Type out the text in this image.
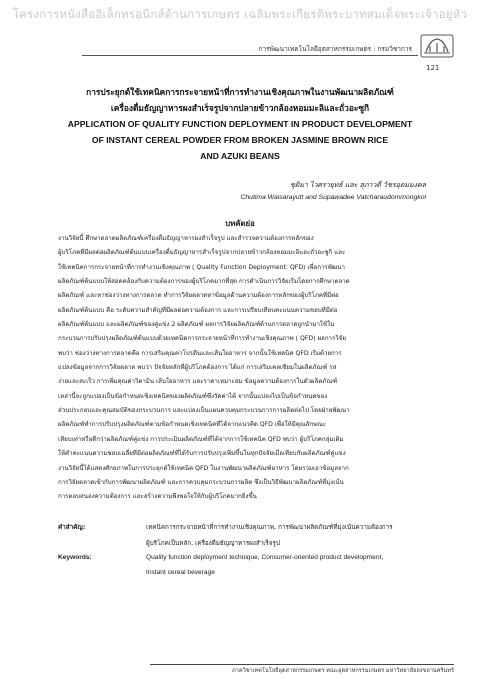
โครงการหนังสืออิเล็กทรอนิกส์ด้านการเกษตร เฉลิมพระเกียรติพระบาทสมเด็จพระเจ้าอยู่หัว
การพัฒนาเทคโนโลยีอุตสาหกรรมเกษตร : กรมวิชาการ
121
การประยุกต์ใช้เทคนิคการกระจายหน้าที่การทำงานเชิงคุณภาพในงานพัฒนาผลิตภัณฑ์
เครื่องดื่มธัญญาหารผงสำเร็จรูปจากปลายข้าวกล้องหอมมะลิและถั่วอะซูกิ
APPLICATION OF QUALITY FUNCTION DEPLOYMENT IN PRODUCT DEVELOPMENT
OF INSTANT CEREAL POWDER FROM BROKEN JASMINE BROWN RICE
AND AZUKI BEANS
ชุติมา ไวศรายุทธ์ และ สุภาวดี วัชรอุดมมงคล
Chutima Waisarayutt and Supawadee Vatcharaudommongkol
บทคัดย่อ
งานวิจัยนี้ ศึกษาตลาดผลิตภัณฑ์เครื่องดื่มธัญญาหารผงสำเร็จรูป และสำรวจความต้องการหลักของ
ผู้บริโภคที่มีผลต่อผลิตภัณฑ์ต้นแบบเครื่องดื่มธัญญาหารสำเร็จรูปจากปลายข้าวกล้องหอมมะลิและถั่วอะซูกิ และ
ใช้เทคนิคการกระจายหน้าที่การทำงานเชิงคุณภาพ ( Quality Function Deployment: QFD) เพื่อการพัฒนา
ผลิตภัณฑ์ต้นแบบให้สอดคล้องกับความต้องการของผู้บริโภคมากที่สุด การดำเนินการวิจัยเริ่มโดยการศึกษาตลาด
ผลิตภัณฑ์ และหาช่องว่างทางการตลาด ทำการวิจัยตลาดหาข้อมูลด้านความต้องการหลักของผู้บริโภคที่มีต่อ
ผลิตภัณฑ์ต้นแบบ คือ ระดับความสำคัญที่มีผลต่อความต้องการ และการเปรียบเทียบคะแนนความชอบที่มีต่อ
ผลิตภัณฑ์ต้นแบบ และผลิตภัณฑ์ของคู่แข่ง 2 ผลิตภัณฑ์ ผลการวิจัยผลิตภัณฑ์ด้านการตลาดถูกนำมาใช้ใน
กระบวนการปรับปรุงผลิตภัณฑ์ต้นแบบด้วยเทคนิคการกระจายหน้าที่การทำงานเชิงคุณภาพ ( QFD) ผลการวิจัย
พบว่า ช่องว่างทางการตลาดคือ การเสริมคุณค่าโปรตีนและเส้นใยอาหาร จากนั้นใช้เทคนิค QFD เริ่มด้วยการ
แปลงข้อมูลจากการวิจัยตลาด พบว่า ปัจจัยหลักที่ผู้บริโภคต้องการ ได้แก่ การเสริมเคลเซียมในผลิตภัณฑ์ รส
ง่ายและสะเร็ว การเพิ่มคุณค่าวิตามิน เส้นใยอาหาร และราคาเหมาะสม ข้อมูลความต้องการในตัวผลิตภัณฑ์
เหล่านี้จะถูกแปลงเป็นข้อกำหนดเชิงเทคนิคของผลิตภัณฑ์ซึ่งวัดค่าได้ จากนั้นแปลงไปเป็นข้อกำหนดของ
ส่วนประกอบและคุณสมบัติของกระบวนการ และแปลงเป็นแผนควบคุมกระบวนการการผลิตต่อไป โดยฝ่ายพัฒนา
ผลิตภัณฑ์ทำการปรับปรุงผลิตภัณฑ์ตามข้อกำหนดเชิงเทคนิคที่ได้จากแนวคิด QFD เพื่อให้มีคุณลักษณะ
เทียบเท่าหรือดีกว่าผลิตภัณฑ์คู่แข่ง การประเมินผลิตภัณฑ์ที่ได้จากการใช้เทคนิค QFD พบว่า ผู้บริโภคกลุ่มเดิม
ให้คำคะแนนความชอบเฉลี่ยที่มีต่อผลิตภัณฑ์ที่ได้รับการปรับปรุงเพิ่มขึ้นในทุกปัจจัยเมื่อเทียบกับผลิตภัณฑ์คู่แข่ง
งานวิจัยนี้ได้แสดงศักยภาพในการประยุกต์ใช้เทคนิค QFD ในงานพัฒนาผลิตภัณฑ์อาหาร โดยรวมเอาข้อมูลจาก
การวิจัยตลาดเข้ากับการพัฒนาผลิตภัณฑ์ และการควบคุมกระบวนการผลิต ซึ่งเป็นวิธีพัฒนาผลิตภัณฑ์ที่มุ่งเน้น
การตอบสนองความต้องการ และสร้างความพึงพอใจให้กับผู้บริโภคมากยิ่งขึ้น
คำสำคัญ:	เทคนิคการกระจายหน้าที่การทำงานเชิงคุณภาพ, การพัฒนาผลิตภัณฑ์ที่มุ่งเน้นความต้องการ
ผู้บริโภคเป็นหลัก, เครื่องดื่มธัญญาหารผงสำเร็จรูป
Keywords:	Quality function deployment technique, Consumer-oriented product development,
Instant cereal beverage
ภาควิชาเทคโนโลยีอุตสาหกรรมเกษตร คณะอุตสาหกรรมเกษตร มหาวิทยาลัยสงขลานครินทร์
